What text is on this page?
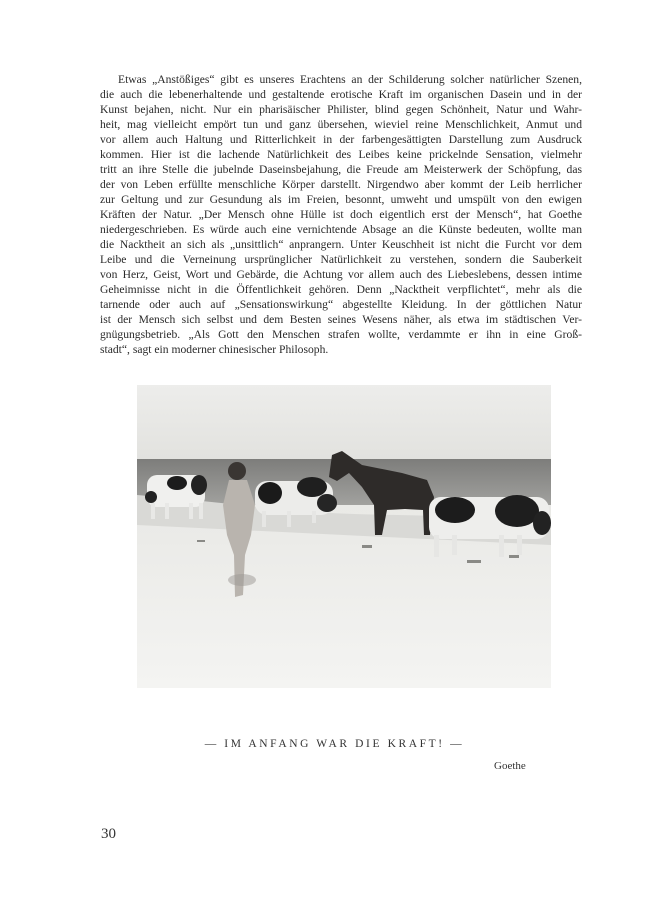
Etwas „Anstößiges“ gibt es unseres Erachtens an der Schilderung solcher natürlicher Szenen,
die auch die lebenerhaltende und gestaltende erotische Kraft im organischen Dasein und in der
Kunst bejahen, nicht. Nur ein pharisäischer Philister, blind gegen Schönheit, Natur und Wahr-
heit, mag vielleicht empört tun und ganz übersehen, wieviel reine Menschlichkeit, Anmut und
vor allem auch Haltung und Ritterlichkeit in der farbengesättigten Darstellung zum Ausdruck
kommen. Hier ist die lachende Natürlichkeit des Leibes keine prickelnde Sensation, vielmehr
tritt an ihre Stelle die jubelnde Daseinsbejahung, die Freude am Meisterwerk der Schöpfung, das
der von Leben erfüllte menschliche Körper darstellt. Nirgendwo aber kommt der Leib herrlicher
zur Geltung und zur Gesundung als im Freien, besonnt, umweht und umspült von den ewigen
Kräften der Natur. „Der Mensch ohne Hülle ist doch eigentlich erst der Mensch“, hat Goethe
niedergeschrieben. Es würde auch eine vernichtende Absage an die Künste bedeuten, wollte man
die Nacktheit an sich als „unsittlich“ anprangern. Unter Keuschheit ist nicht die Furcht vor dem
Leibe und die Verneinung ursprünglicher Natürlichkeit zu verstehen, sondern die Sauberkeit
von Herz, Geist, Wort und Gebärde, die Achtung vor allem auch des Liebeslebens, dessen intime
Geheimnisse nicht in die Öffentlichkeit gehören. Denn „Nacktheit verpflichtet“, mehr als die
tarnende oder auch auf „Sensationswirkung“ abgestellte Kleidung. In der göttlichen Natur
ist der Mensch sich selbst und dem Besten seines Wesens näher, als etwa im städtischen Ver-
gnügungsbetrieb. „Als Gott den Menschen strafen wollte, verdammte er ihn in eine Groß-
stadt“, sagt ein moderner chinesischer Philosoph.
— IM ANFANG WAR DIE KRAFT! —
Goethe
30
